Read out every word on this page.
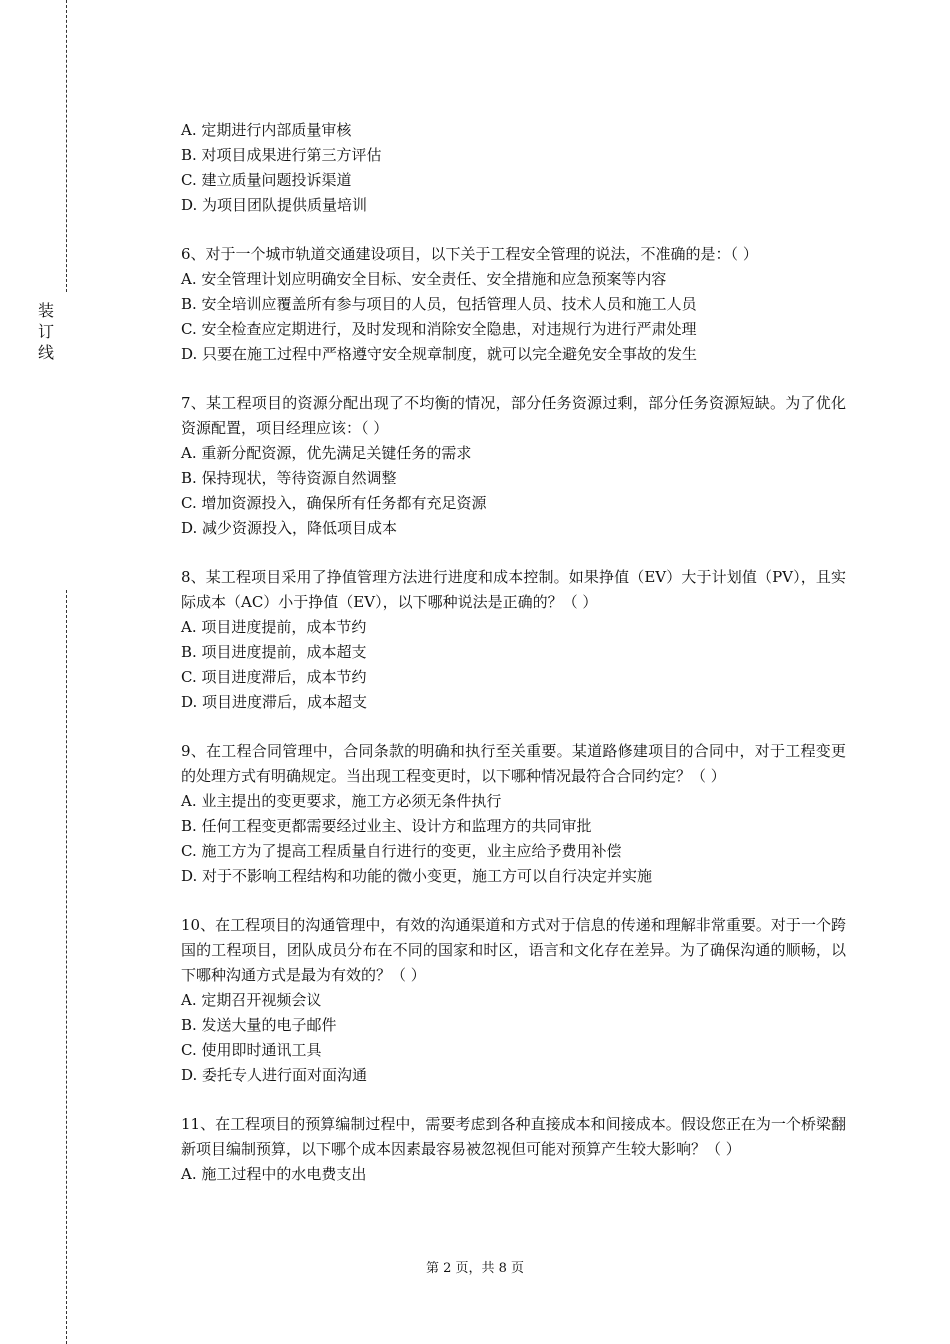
装订线

A. 定期进行内部质量审核

B. 对项目成果进行第三方评估

C. 建立质量问题投诉渠道

D. 为项目团队提供质量培训

6、对于一个城市轨道交通建设项目，以下关于工程安全管理的说法，不准确的是：（ ）

A. 安全管理计划应明确安全目标、安全责任、安全措施和应急预案等内容

B. 安全培训应覆盖所有参与项目的人员，包括管理人员、技术人员和施工人员

C. 安全检查应定期进行，及时发现和消除安全隐患，对违规行为进行严肃处理

D. 只要在施工过程中严格遵守安全规章制度，就可以完全避免安全事故的发生

7、某工程项目的资源分配出现了不均衡的情况，部分任务资源过剩，部分任务资源短缺。为了优化资源配置，项目经理应该：（ ）

A. 重新分配资源，优先满足关键任务的需求

B. 保持现状，等待资源自然调整

C. 增加资源投入，确保所有任务都有充足资源

D. 减少资源投入，降低项目成本

8、某工程项目采用了挣值管理方法进行进度和成本控制。如果挣值（EV）大于计划值（PV），且实际成本（AC）小于挣值（EV），以下哪种说法是正确的？（ ）

A. 项目进度提前，成本节约

B. 项目进度提前，成本超支

C. 项目进度滞后，成本节约

D. 项目进度滞后，成本超支

9、在工程合同管理中，合同条款的明确和执行至关重要。某道路修建项目的合同中，对于工程变更的处理方式有明确规定。当出现工程变更时，以下哪种情况最符合合同约定？（ ）

A. 业主提出的变更要求，施工方必须无条件执行

B. 任何工程变更都需要经过业主、设计方和监理方的共同审批

C. 施工方为了提高工程质量自行进行的变更，业主应给予费用补偿

D. 对于不影响工程结构和功能的微小变更，施工方可以自行决定并实施

10、在工程项目的沟通管理中，有效的沟通渠道和方式对于信息的传递和理解非常重要。对于一个跨国的工程项目，团队成员分布在不同的国家和时区，语言和文化存在差异。为了确保沟通的顺畅，以下哪种沟通方式是最为有效的？（ ）

A. 定期召开视频会议

B. 发送大量的电子邮件

C. 使用即时通讯工具

D. 委托专人进行面对面沟通

11、在工程项目的预算编制过程中，需要考虑到各种直接成本和间接成本。假设您正在为一个桥梁翻新项目编制预算，以下哪个成本因素最容易被忽视但可能对预算产生较大影响？（ ）

A. 施工过程中的水电费支出

第 2 页，共 8 页
